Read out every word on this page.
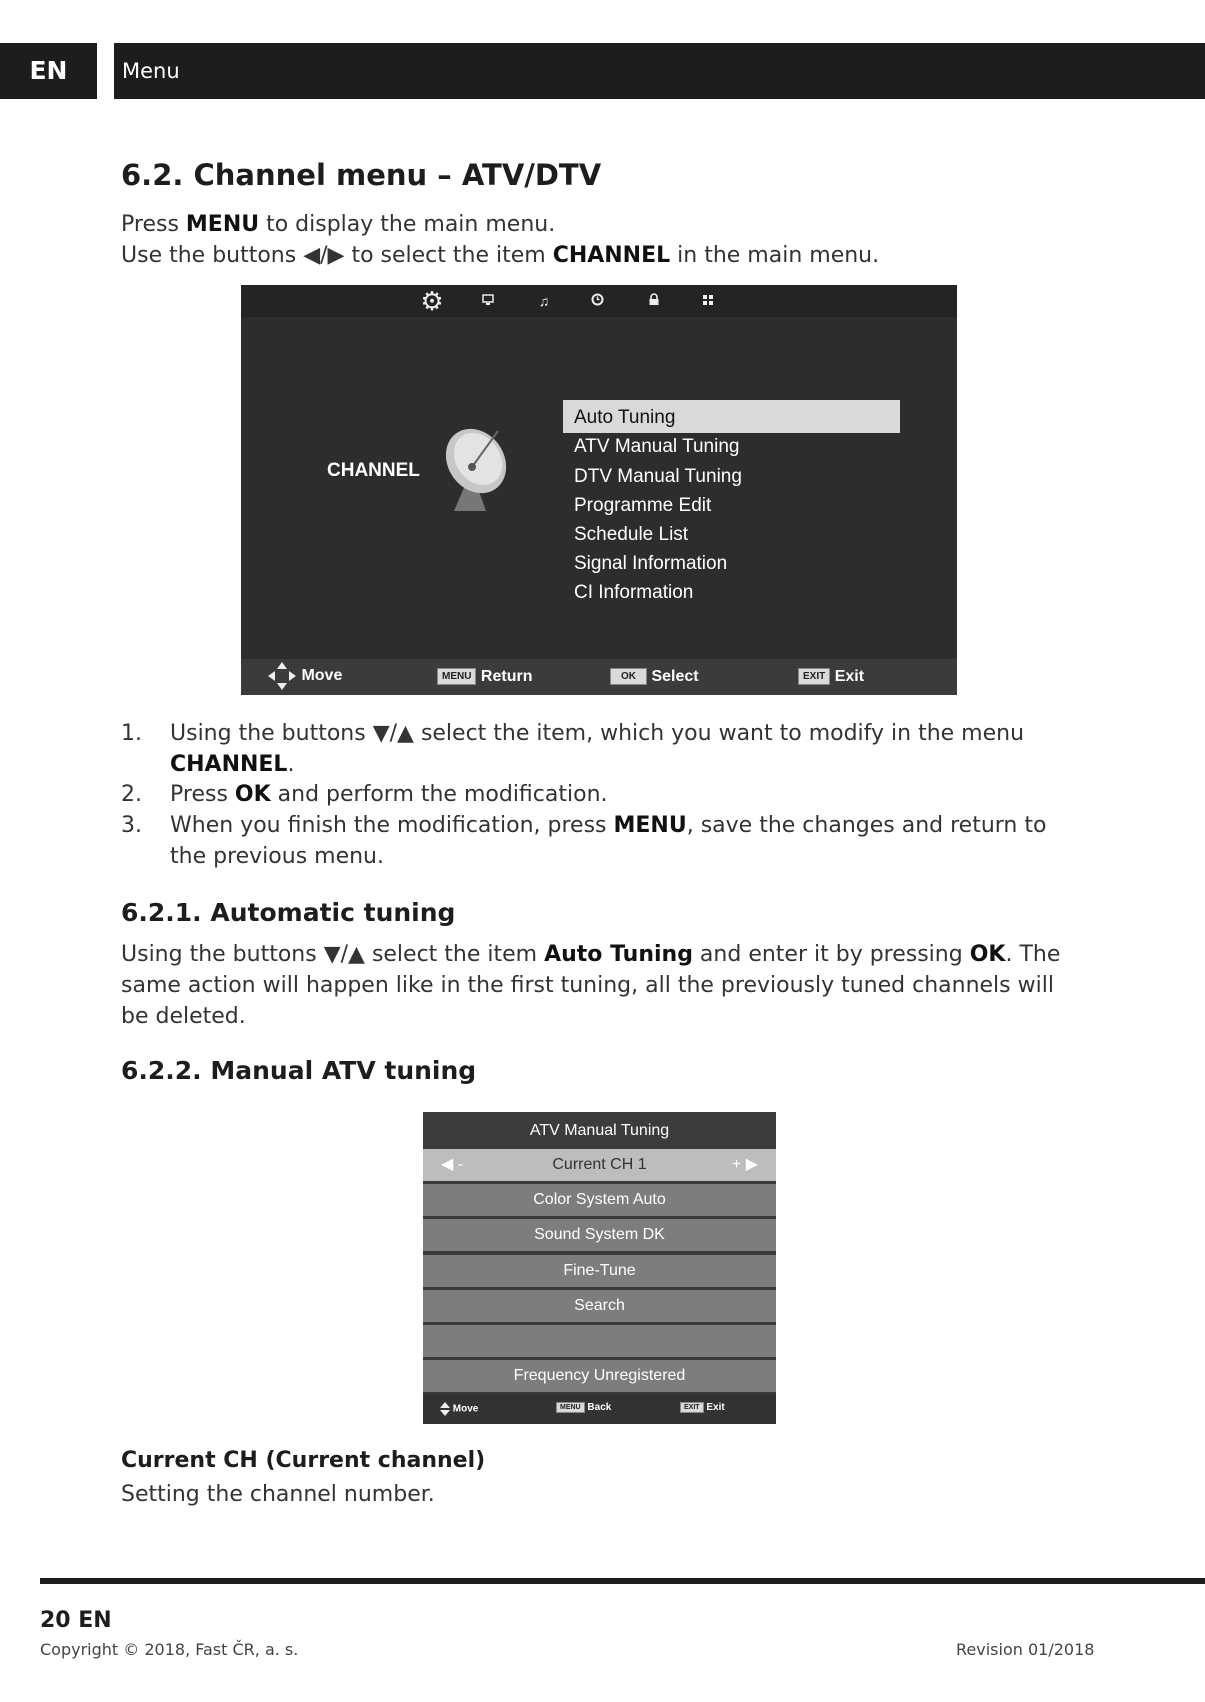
EN	Menu
6.2. Channel menu – ATV/DTV
Press MENU to display the main menu.
Use the buttons ◀/▶ to select the item CHANNEL in the main menu.
⚙	♫
CHANNEL
Auto Tuning
ATV Manual Tuning
DTV Manual Tuning
Programme Edit
Schedule List
Signal Information
CI Information
Move	MENU Return	OK Select	EXIT Exit
1. Using the buttons ▼/▲ select the item, which you want to modify in the menu CHANNEL.
2. Press OK and perform the modification.
3. When you finish the modification, press MENU, save the changes and return to the previous menu.
6.2.1. Automatic tuning
Using the buttons ▼/▲ select the item Auto Tuning and enter it by pressing OK. The same action will happen like in the first tuning, all the previously tuned channels will be deleted.
6.2.2. Manual ATV tuning
ATV Manual Tuning
◀ -	Current CH 1	+ ▶
Color System Auto
Sound System DK
Fine-Tune
Search
Frequency Unregistered
Move	MENU Back	EXIT Exit
Current CH (Current channel)
Setting the channel number.
20 EN
Copyright © 2018, Fast ČR, a. s.	Revision 01/2018
